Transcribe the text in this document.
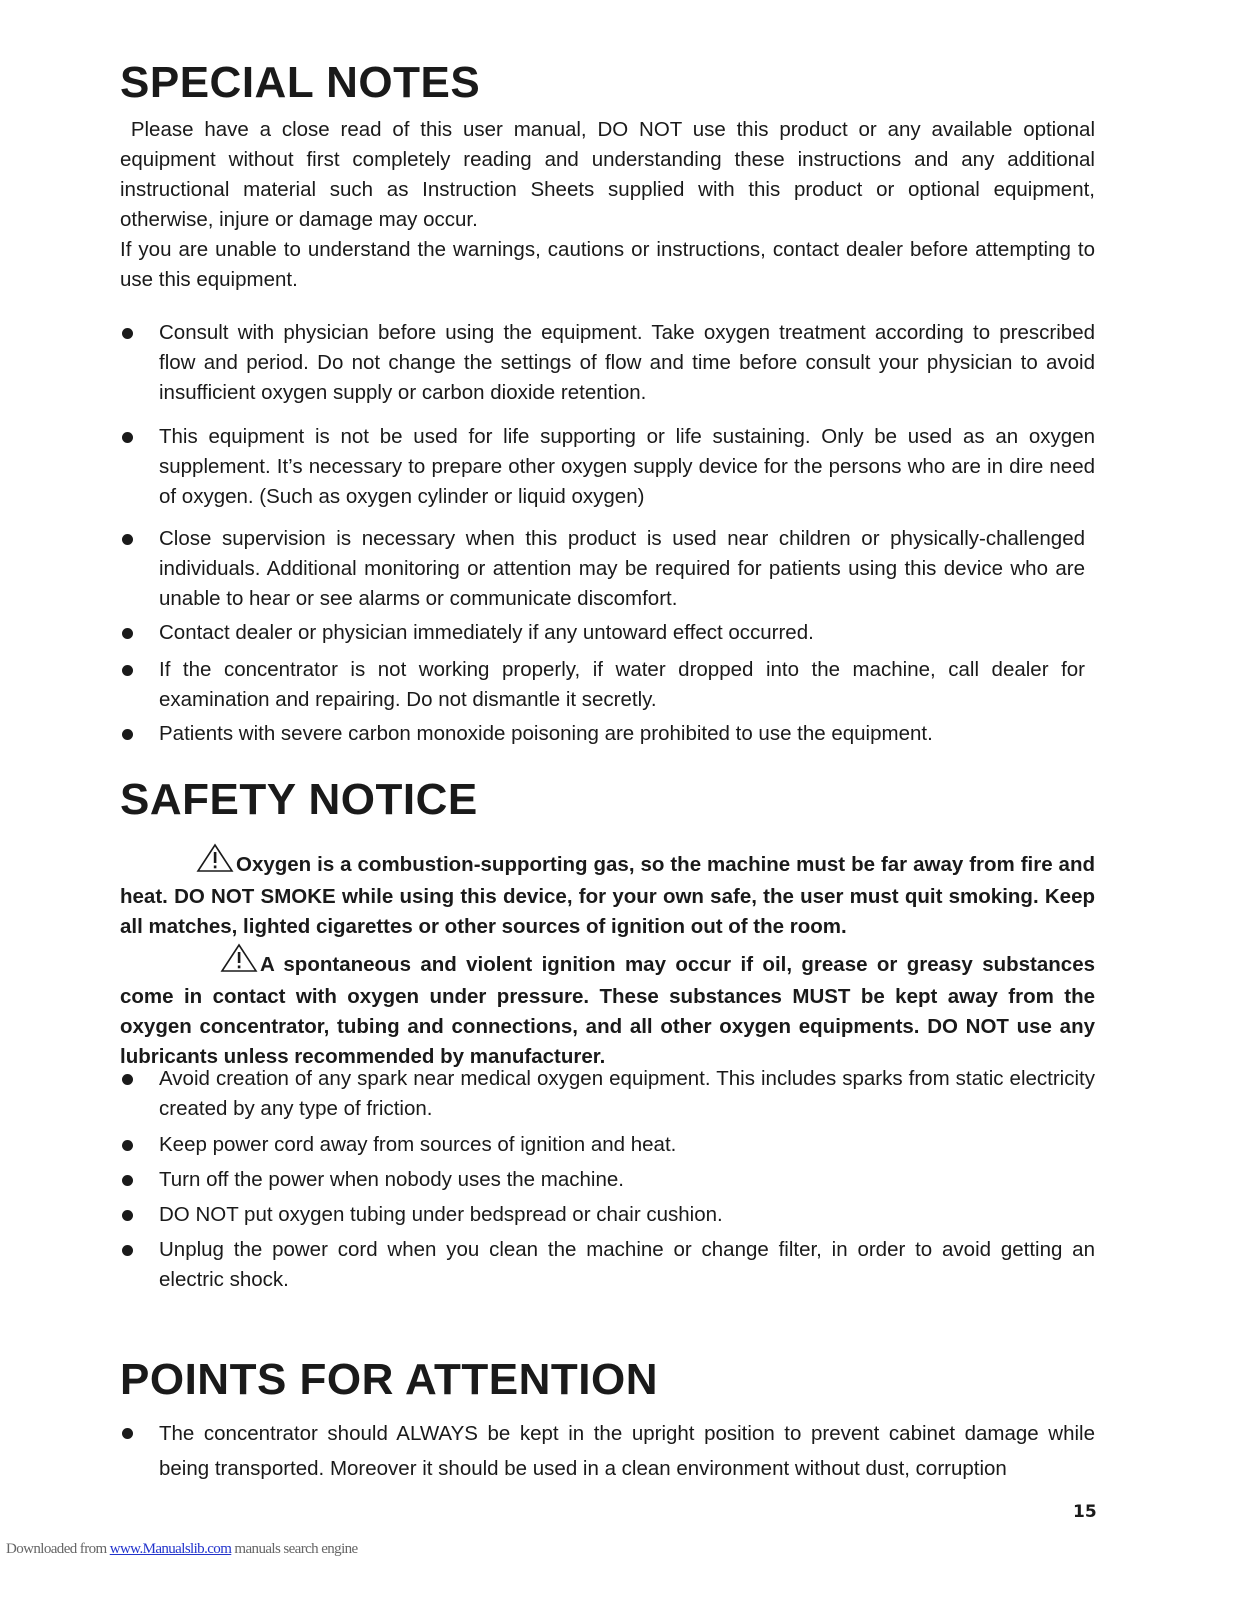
SPECIAL NOTES

Please have a close read of this user manual, DO NOT use this product or any available optional equipment without first completely reading and understanding these instructions and any additional instructional material such as Instruction Sheets supplied with this product or optional equipment, otherwise, injure or damage may occur.

If you are unable to understand the warnings, cautions or instructions, contact dealer before attempting to use this equipment.

Consult with physician before using the equipment. Take oxygen treatment according to prescribed flow and period. Do not change the settings of flow and time before consult your physician to avoid insufficient oxygen supply or carbon dioxide retention.
This equipment is not be used for life supporting or life sustaining. Only be used as an oxygen supplement. It’s necessary to prepare other oxygen supply device for the persons who are in dire need of oxygen. (Such as oxygen cylinder or liquid oxygen)
Close supervision is necessary when this product is used near children or physically-challenged individuals. Additional monitoring or attention may be required for patients using this device who are unable to hear or see alarms or communicate discomfort.
Contact dealer or physician immediately if any untoward effect occurred.
If the concentrator is not working properly, if water dropped into the machine, call dealer for examination and repairing. Do not dismantle it secretly.
Patients with severe carbon monoxide poisoning are prohibited to use the equipment.
SAFETY NOTICE

Oxygen is a combustion-supporting gas, so the machine must be far away from fire and heat. DO NOT SMOKE while using this device, for your own safe, the user must quit smoking. Keep all matches, lighted cigarettes or other sources of ignition out of the room.

A spontaneous and violent ignition may occur if oil, grease or greasy substances come in contact with oxygen under pressure. These substances MUST be kept away from the oxygen concentrator, tubing and connections, and all other oxygen equipments. DO NOT use any lubricants unless recommended by manufacturer.

Avoid creation of any spark near medical oxygen equipment. This includes sparks from static electricity created by any type of friction.
Keep power cord away from sources of ignition and heat.
Turn off the power when nobody uses the machine.
DO NOT put oxygen tubing under bedspread or chair cushion.
Unplug the power cord when you clean the machine or change filter, in order to avoid getting an electric shock.
POINTS FOR ATTENTION
The concentrator should ALWAYS be kept in the upright position to prevent cabinet damage while being transported. Moreover it should be used in a clean environment without dust, corruption
15
Downloaded from www.Manualslib.com manuals search engine
